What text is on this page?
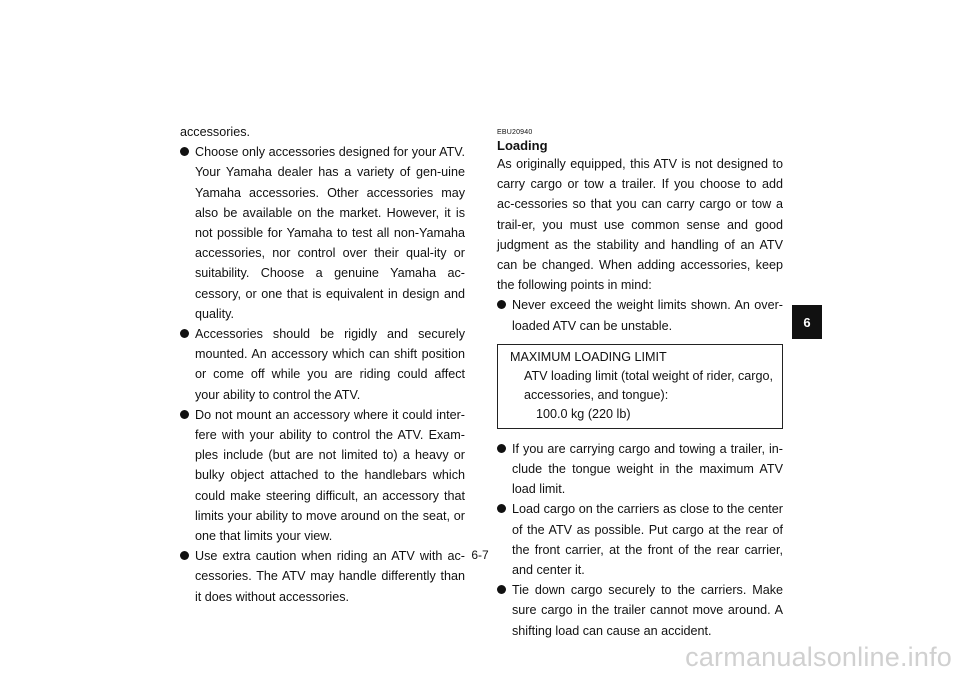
accessories.

Choose only accessories designed for your ATV. Your Yamaha dealer has a variety of gen-uine Yamaha accessories. Other accessories may also be available on the market. However, it is not possible for Yamaha to test all non-Yamaha accessories, nor control over their qual-ity or suitability. Choose a genuine Yamaha ac-cessory, or one that is equivalent in design and quality.

Accessories should be rigidly and securely mounted. An accessory which can shift position or come off while you are riding could affect your ability to control the ATV.

Do not mount an accessory where it could inter-fere with your ability to control the ATV. Exam-ples include (but are not limited to) a heavy or bulky object attached to the handlebars which could make steering difficult, an accessory that limits your ability to move around on the seat, or one that limits your view.

Use extra caution when riding an ATV with ac-cessories. The ATV may handle differently than it does without accessories.

EBU20940
Loading

As originally equipped, this ATV is not designed to carry cargo or tow a trailer. If you choose to add ac-cessories so that you can carry cargo or tow a trail-er, you must use common sense and good judgment as the stability and handling of an ATV can be changed. When adding accessories, keep the following points in mind:

Never exceed the weight limits shown. An over-loaded ATV can be unstable.

MAXIMUM LOADING LIMIT
ATV loading limit (total weight of rider, cargo,
accessories, and tongue):
100.0 kg (220 lb)

If you are carrying cargo and towing a trailer, in-clude the tongue weight in the maximum ATV load limit.

Load cargo on the carriers as close to the center of the ATV as possible. Put cargo at the rear of the front carrier, at the front of the rear carrier, and center it.

Tie down cargo securely to the carriers. Make sure cargo in the trailer cannot move around. A shifting load can cause an accident.

6
6-7
carmanualsonline.info
